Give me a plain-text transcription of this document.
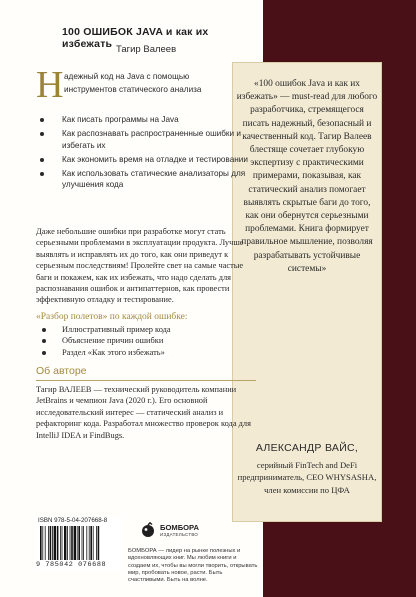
100 ОШИБОК JAVA и как их избежать Тагир Валеев
Н адежный код на Java с помощью инструментов статического анализа
Как писать программы на Java
Как распознавать распространенные ошибки и избегать их
Как экономить время на отладке и тестировании
Как использовать статические анализаторы для улучшения кода
Даже небольшие ошибки при разработке могут стать серьезными проблемами в эксплуатации продукта. Лучше выявлять и исправлять их до того, как они приведут к серьезным последствиям! Пролейте свет на самые частые баги и покажем, как их избежать, что надо сделать для распознавания ошибок и антипаттернов, как провести эффективную отладку и тестирование.
«Разбор полетов» по каждой ошибке:
Иллюстративный пример кода
Объяснение причин ошибки
Раздел «Как этого избежать»
Об авторе
Тагир ВАЛЕЕВ — технический руководитель компании JetBrains и чемпион Java (2020 г.). Его основной исследовательский интерес — статический анализ и рефакторинг кода. Разработал множество проверок кода для IntelliJ IDEA и FindBugs.
«100 ошибок Java и как их избежать» — must-read для любого разработчика, стремящегося писать надежный, безопасный и качественный код. Тагир Валеев блестяще сочетает глубокую экспертизу с практическими примерами, показывая, как статический анализ помогает выявлять скрытые баги до того, как они обернутся серьезными проблемами. Книга формирует правильное мышление, позволяя разрабатывать устойчивые системы»
АЛЕКСАНДР ВАЙС,
серийный FinTech and DeFi предприниматель, CEO WHYSASHA, член комиссии по ЦФА
ISBN 978-5-04-207668-8
9 785042 076688
БОМБОРА
ИЗДАТЕЛЬСТВО
БОМБОРА — лидер на рынке полезных и вдохновляющих книг. Мы любим книги и создаем их, чтобы вы могли творить, открывать мир, пробовать новое, расти. Быть счастливыми. Быть на волне.
